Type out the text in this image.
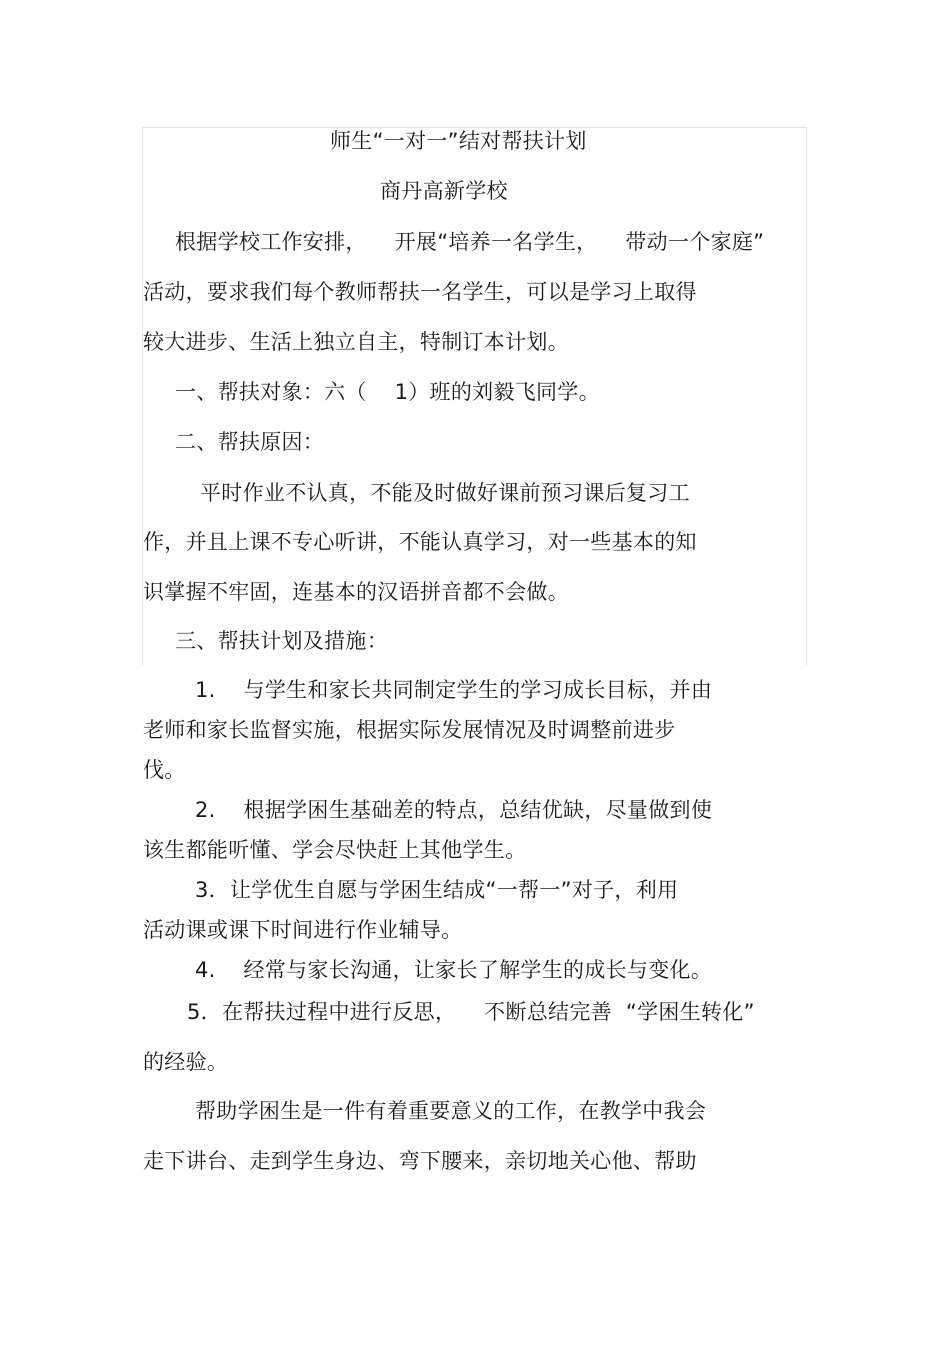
师生“一对一”结对帮扶计划
商丹高新学校
根据学校工作安排，    开展“培养一名学生，    带动一个家庭”
活动，要求我们每个教师帮扶一名学生，可以是学习上取得
较大进步、生活上独立自主，特制订本计划。
一、帮扶对象：六（    1）班的刘毅飞同学。
二、帮扶原因：
平时作业不认真，不能及时做好课前预习课后复习工
作，并且上课不专心听讲，不能认真学习，对一些基本的知
识掌握不牢固，连基本的汉语拼音都不会做。
三、帮扶计划及措施：
1.    与学生和家长共同制定学生的学习成长目标，并由
老师和家长监督实施，根据实际发展情况及时调整前进步
伐。
2.    根据学困生基础差的特点，总结优缺，尽量做到使
该生都能听懂、学会尽快赶上其他学生。
3．让学优生自愿与学困生结成“一帮一”对子，利用
活动课或课下时间进行作业辅导。
4.    经常与家长沟通，让家长了解学生的成长与变化。
5．在帮扶过程中进行反思，    不断总结完善  “学困生转化”
的经验。
帮助学困生是一件有着重要意义的工作，在教学中我会
走下讲台、走到学生身边、弯下腰来，亲切地关心他、帮助
